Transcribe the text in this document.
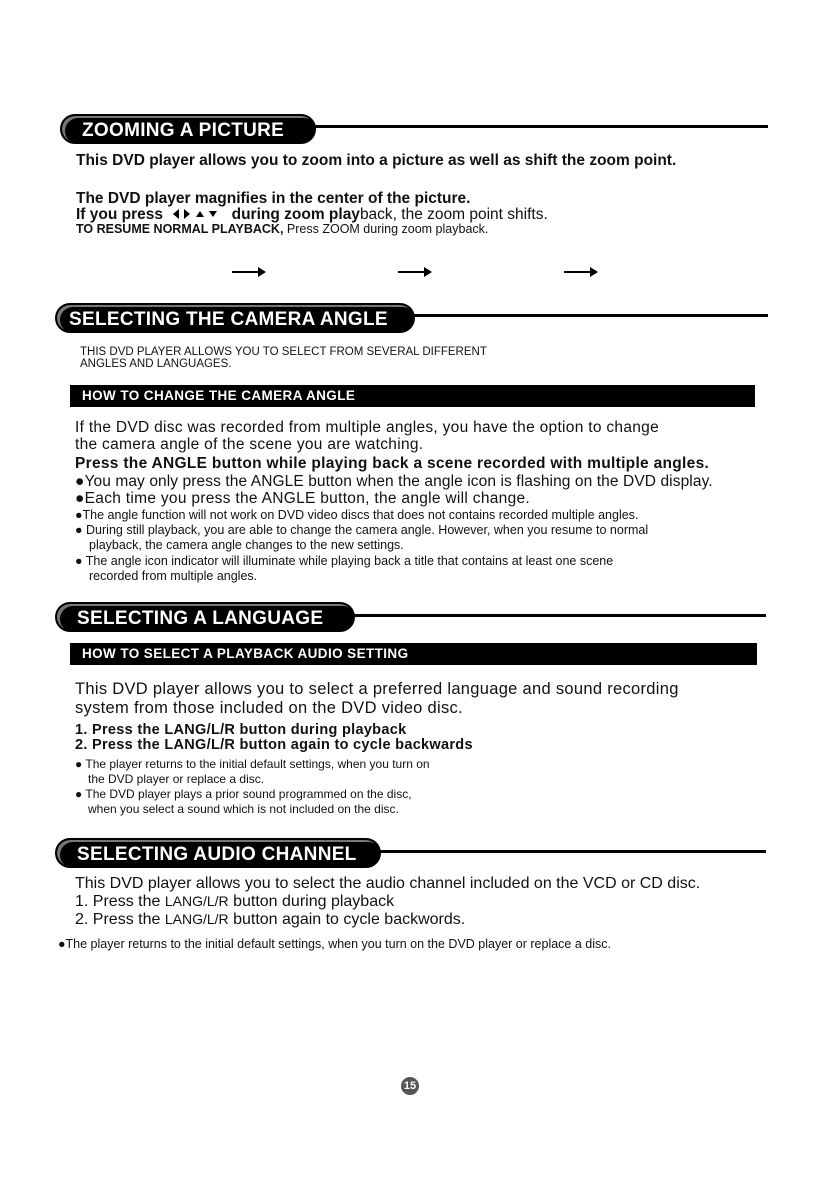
ZOOMING A PICTURE
This DVD player allows you to zoom into a picture as well as shift the zoom point.
The DVD player magnifies in the center of the picture.
If you press	during zoom playback, the zoom point shifts.
TO RESUME NORMAL PLAYBACK, Press ZOOM during zoom playback.
SELECTING THE CAMERA ANGLE
THIS DVD PLAYER ALLOWS YOU TO SELECT FROM SEVERAL DIFFERENT
ANGLES AND LANGUAGES.
HOW TO CHANGE THE CAMERA ANGLE
If the DVD disc was recorded from multiple angles, you have the option to change
the camera angle of the scene you are watching.
Press the ANGLE button while playing back a scene recorded with multiple angles.
●You may only press the ANGLE button when the angle icon is flashing on the DVD display.
●Each time you press the ANGLE button, the angle will change.
●The angle function will not work on DVD video discs that does not contains recorded multiple angles.
● During still playback, you are able to change the camera angle. However, when you resume to normal
playback, the camera angle changes to the new settings.
● The angle icon indicator will illuminate while playing back a title that contains at least one scene
recorded from multiple angles.
SELECTING A LANGUAGE
HOW TO SELECT A PLAYBACK AUDIO SETTING
This DVD player allows you to select a preferred language and sound recording
system from those included on the DVD video disc.
1. Press the LANG/L/R button during playback
2. Press the LANG/L/R button again to cycle backwards
● The player returns to the initial default settings, when you turn on
the DVD player or replace a disc.
● The DVD player plays a prior sound programmed on the disc,
when you select a sound which is not included on the disc.
SELECTING AUDIO CHANNEL
This DVD player allows you to select the audio channel included on the VCD or CD disc.
1. Press the LANG/L/R button during playback
2. Press the LANG/L/R button again to cycle backwords.
●The player returns to the initial default settings, when you turn on the DVD player or replace a disc.
15
